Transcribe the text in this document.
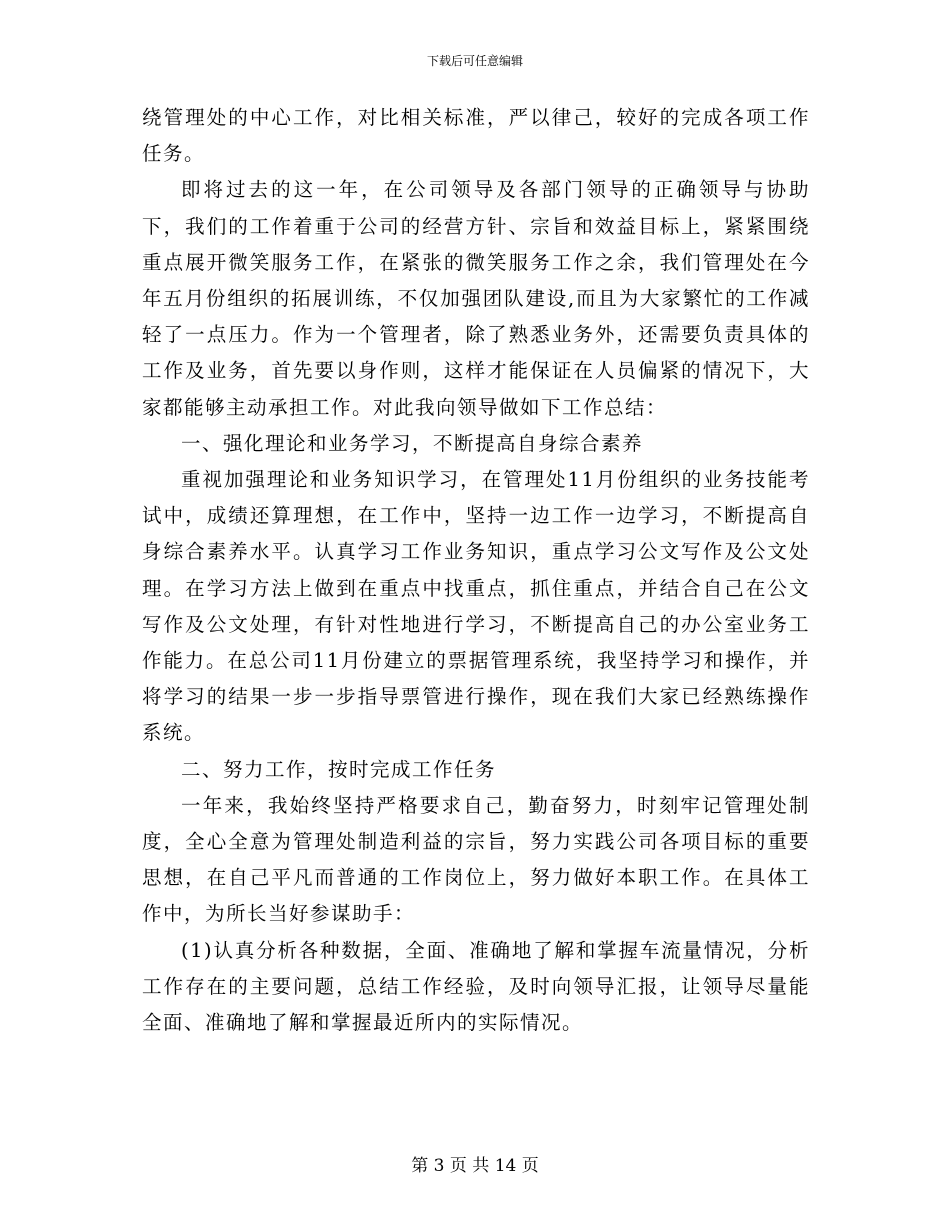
下载后可任意编辑

绕管理处的中心工作，对比相关标准，严以律己，较好的完成各项工作任务。

即将过去的这一年，在公司领导及各部门领导的正确领导与协助下，我们的工作着重于公司的经营方针、宗旨和效益目标上，紧紧围绕重点展开微笑服务工作，在紧张的微笑服务工作之余，我们管理处在今年五月份组织的拓展训练，不仅加强团队建设,而且为大家繁忙的工作减轻了一点压力。作为一个管理者，除了熟悉业务外，还需要负责具体的工作及业务，首先要以身作则，这样才能保证在人员偏紧的情况下，大家都能够主动承担工作。对此我向领导做如下工作总结：

一、强化理论和业务学习，不断提高自身综合素养

重视加强理论和业务知识学习，在管理处11月份组织的业务技能考试中，成绩还算理想，在工作中，坚持一边工作一边学习，不断提高自身综合素养水平。认真学习工作业务知识，重点学习公文写作及公文处理。在学习方法上做到在重点中找重点，抓住重点，并结合自己在公文写作及公文处理，有针对性地进行学习，不断提高自己的办公室业务工作能力。在总公司11月份建立的票据管理系统，我坚持学习和操作，并将学习的结果一步一步指导票管进行操作，现在我们大家已经熟练操作系统。

二、努力工作，按时完成工作任务

一年来，我始终坚持严格要求自己，勤奋努力，时刻牢记管理处制度，全心全意为管理处制造利益的宗旨，努力实践公司各项目标的重要思想，在自己平凡而普通的工作岗位上，努力做好本职工作。在具体工作中，为所长当好参谋助手：

(1)认真分析各种数据，全面、准确地了解和掌握车流量情况，分析工作存在的主要问题，总结工作经验，及时向领导汇报，让领导尽量能全面、准确地了解和掌握最近所内的实际情况。

第 3 页 共 14 页
